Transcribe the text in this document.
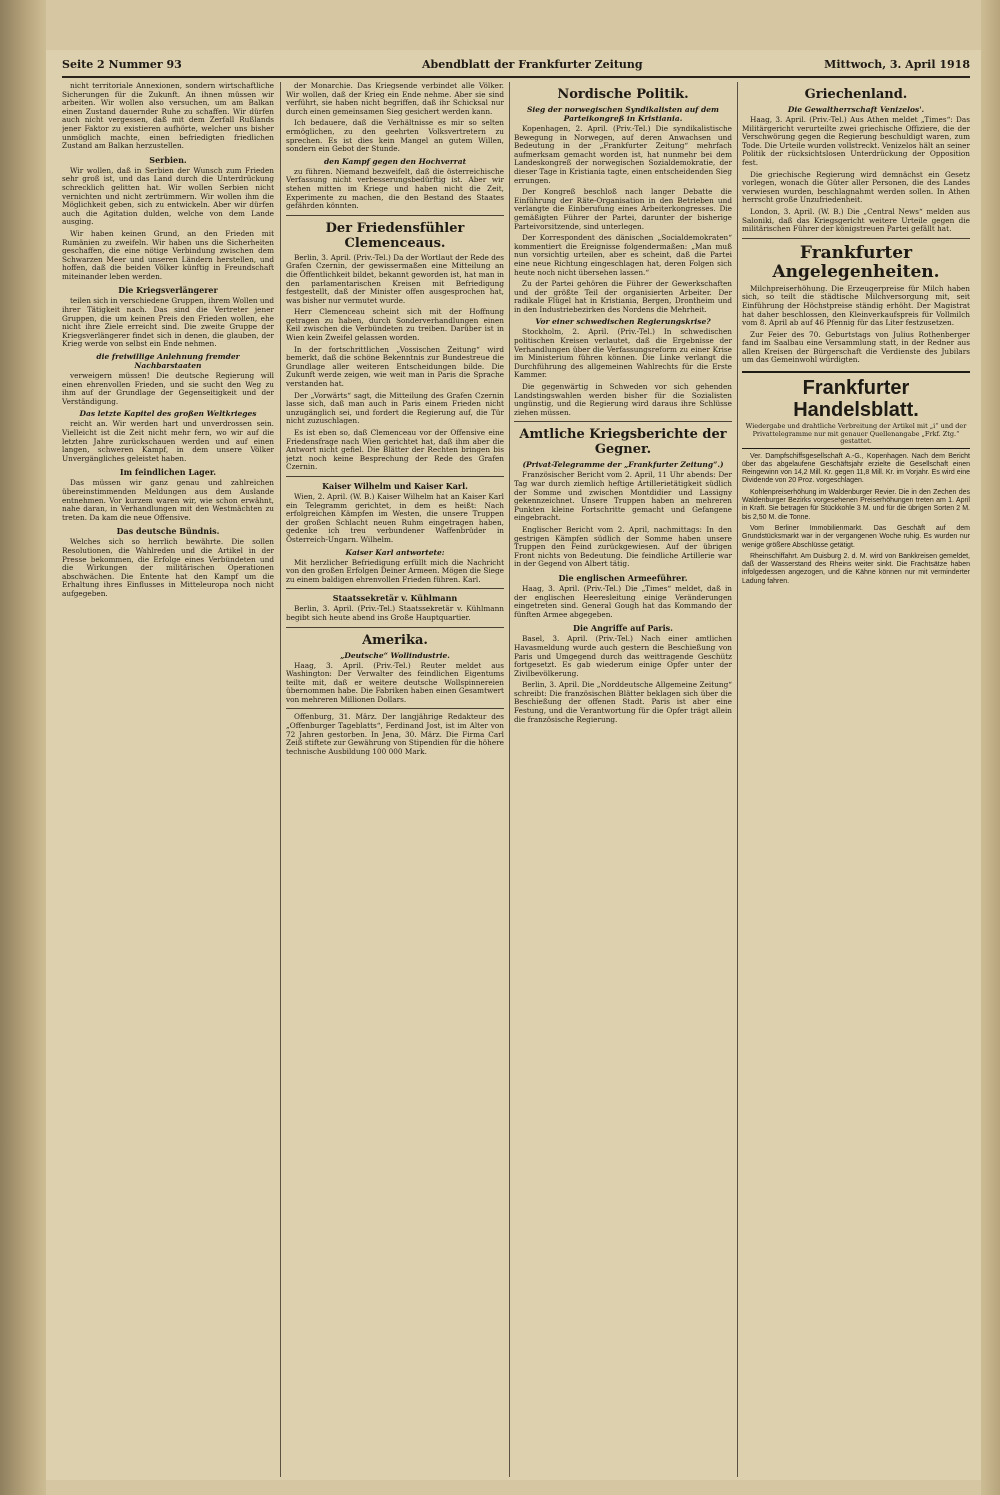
Seite 2 Nummer 93	Abendblatt der Frankfurter Zeitung	Mittwoch, 3. April 1918

nicht territoriale Annexionen, sondern wirtschaftliche Sicherungen für die Zukunft. An ihnen müssen wir arbeiten. Wir wollen also versuchen, um am Balkan einen Zustand dauernder Ruhe zu schaffen. Wir dürfen auch nicht vergessen, daß mit dem Zerfall Rußlands jener Faktor zu existieren aufhörte, welcher uns bisher unmöglich machte, einen befriedigten friedlichen Zustand am Balkan herzustellen.

Serbien.

Wir wollen, daß in Serbien der Wunsch zum Frieden sehr groß ist, und das Land durch die Unterdrückung schrecklich gelitten hat. Wir wollen Serbien nicht vernichten und nicht zertrümmern. Wir wollen ihm die Möglichkeit geben, sich zu entwickeln. Aber wir dürfen auch die Agitation dulden, welche von dem Lande ausging.

Wir haben keinen Grund, an den Frieden mit Rumänien zu zweifeln. Wir haben uns die Sicherheiten geschaffen, die eine nötige Verbindung zwischen dem Schwarzen Meer und unseren Ländern herstellen, und hoffen, daß die beiden Völker künftig in Freundschaft miteinander leben werden.

Die Kriegsverlängerer

teilen sich in verschiedene Gruppen, ihrem Wollen und ihrer Tätigkeit nach. Das sind die Vertreter jener Gruppen, die um keinen Preis den Frieden wollen, ehe nicht ihre Ziele erreicht sind. Die zweite Gruppe der Kriegsverlängerer findet sich in denen, die glauben, der Krieg werde von selbst ein Ende nehmen.

die freiwillige Anlehnung fremder Nachbarstaaten

verweigern müssen! Die deutsche Regierung will einen ehrenvollen Frieden, und sie sucht den Weg zu ihm auf der Grundlage der Gegenseitigkeit und der Verständigung.

Das letzte Kapitel des großen Weltkrieges

reicht an. Wir werden hart und unverdrossen sein. Vielleicht ist die Zeit nicht mehr fern, wo wir auf die letzten Jahre zurückschauen werden und auf einen langen, schweren Kampf, in dem unsere Völker Unvergängliches geleistet haben.

Im feindlichen Lager.

Das müssen wir ganz genau und zahlreichen übereinstimmenden Meldungen aus dem Auslande entnehmen. Vor kurzem waren wir, wie schon erwähnt, nahe daran, in Verhandlungen mit den Westmächten zu treten. Da kam die neue Offensive.

Das deutsche Bündnis.

Welches sich so herrlich bewährte. Die sollen Resolutionen, die Wahlreden und die Artikel in der Presse bekommen, die Erfolge eines Verbündeten und die Wirkungen der militärischen Operationen abschwächen. Die Entente hat den Kampf um die Erhaltung ihres Einflusses in Mitteleuropa noch nicht aufgegeben.

der Monarchie. Das Kriegsende verbindet alle Völker. Wir wollen, daß der Krieg ein Ende nehme. Aber sie sind verführt, sie haben nicht begriffen, daß ihr Schicksal nur durch einen gemeinsamen Sieg gesichert werden kann.

Ich bedauere, daß die Verhältnisse es mir so selten ermöglichen, zu den geehrten Volksvertretern zu sprechen. Es ist dies kein Mangel an gutem Willen, sondern ein Gebot der Stunde.

den Kampf gegen den Hochverrat

zu führen. Niemand bezweifelt, daß die österreichische Verfassung nicht verbesserungsbedürftig ist. Aber wir stehen mitten im Kriege und haben nicht die Zeit, Experimente zu machen, die den Bestand des Staates gefährden könnten.

Der Friedensfühler Clemenceaus.

Berlin, 3. April. (Priv.-Tel.) Da der Wortlaut der Rede des Grafen Czernin, der gewissermaßen eine Mitteilung an die Öffentlichkeit bildet, bekannt geworden ist, hat man in den parlamentarischen Kreisen mit Befriedigung festgestellt, daß der Minister offen ausgesprochen hat, was bisher nur vermutet wurde.

Herr Clemenceau scheint sich mit der Hoffnung getragen zu haben, durch Sonderverhandlungen einen Keil zwischen die Verbündeten zu treiben. Darüber ist in Wien kein Zweifel gelassen worden.

In der fortschrittlichen „Vossischen Zeitung“ wird bemerkt, daß die schöne Bekenntnis zur Bundestreue die Grundlage aller weiteren Entscheidungen bilde. Die Zukunft werde zeigen, wie weit man in Paris die Sprache verstanden hat.

Der „Vorwärts“ sagt, die Mitteilung des Grafen Czernin lasse sich, daß man auch in Paris einem Frieden nicht unzugänglich sei, und fordert die Regierung auf, die Tür nicht zuzuschlagen.

Es ist eben so, daß Clemenceau vor der Offensive eine Friedensfrage nach Wien gerichtet hat, daß ihm aber die Antwort nicht gefiel. Die Blätter der Rechten bringen bis jetzt noch keine Besprechung der Rede des Grafen Czernin.

Kaiser Wilhelm und Kaiser Karl.

Wien, 2. April. (W. B.) Kaiser Wilhelm hat an Kaiser Karl ein Telegramm gerichtet, in dem es heißt: Nach erfolgreichen Kämpfen im Westen, die unsere Truppen der großen Schlacht neuen Ruhm eingetragen haben, gedenke ich treu verbundener Waffenbrüder in Österreich-Ungarn. Wilhelm.

Kaiser Karl antwortete:

Mit herzlicher Befriedigung erfüllt mich die Nachricht von den großen Erfolgen Deiner Armeen. Mögen die Siege zu einem baldigen ehrenvollen Frieden führen. Karl.

Staatssekretär v. Kühlmann

Berlin, 3. April. (Priv.-Tel.) Staatssekretär v. Kühlmann begibt sich heute abend ins Große Hauptquartier.

Amerika.
„Deutsche“ Wollindustrie.

Haag, 3. April. (Priv.-Tel.) Reuter meldet aus Washington: Der Verwalter des feindlichen Eigentums teilte mit, daß er weitere deutsche Wollspinnereien übernommen habe. Die Fabriken haben einen Gesamtwert von mehreren Millionen Dollars.

Offenburg, 31. März. Der langjährige Redakteur des „Offenburger Tageblatts“, Ferdinand Jost, ist im Alter von 72 Jahren gestorben. In Jena, 30. März. Die Firma Carl Zeiß stiftete zur Gewährung von Stipendien für die höhere technische Ausbildung 100 000 Mark.

Nordische Politik.
Sieg der norwegischen Syndikalisten auf dem Parteikongreß in Kristiania.

Kopenhagen, 2. April. (Priv.-Tel.) Die syndikalistische Bewegung in Norwegen, auf deren Anwachsen und Bedeutung in der „Frankfurter Zeitung“ mehrfach aufmerksam gemacht worden ist, hat nunmehr bei dem Landeskongreß der norwegischen Sozialdemokratie, der dieser Tage in Kristiania tagte, einen entscheidenden Sieg errungen.

Der Kongreß beschloß nach langer Debatte die Einführung der Räte-Organisation in den Betrieben und verlangte die Einberufung eines Arbeiterkongresses. Die gemäßigten Führer der Partei, darunter der bisherige Parteivorsitzende, sind unterlegen.

Der Korrespondent des dänischen „Socialdemokraten“ kommentiert die Ereignisse folgendermaßen: „Man muß nun vorsichtig urteilen, aber es scheint, daß die Partei eine neue Richtung eingeschlagen hat, deren Folgen sich heute noch nicht übersehen lassen.“

Zu der Partei gehören die Führer der Gewerkschaften und der größte Teil der organisierten Arbeiter. Der radikale Flügel hat in Kristiania, Bergen, Drontheim und in den Industriebezirken des Nordens die Mehrheit.

Vor einer schwedischen Regierungskrise?

Stockholm, 2. April. (Priv.-Tel.) In schwedischen politischen Kreisen verlautet, daß die Ergebnisse der Verhandlungen über die Verfassungsreform zu einer Krise im Ministerium führen können. Die Linke verlangt die Durchführung des allgemeinen Wahlrechts für die Erste Kammer.

Die gegenwärtig in Schweden vor sich gehenden Landstingswahlen werden bisher für die Sozialisten ungünstig, und die Regierung wird daraus ihre Schlüsse ziehen müssen.

Amtliche Kriegsberichte der Gegner.
(Privat-Telegramme der „Frankfurter Zeitung“.)

Französischer Bericht vom 2. April, 11 Uhr abends: Der Tag war durch ziemlich heftige Artillerietätigkeit südlich der Somme und zwischen Montdidier und Lassigny gekennzeichnet. Unsere Truppen haben an mehreren Punkten kleine Fortschritte gemacht und Gefangene eingebracht.

Englischer Bericht vom 2. April, nachmittags: In den gestrigen Kämpfen südlich der Somme haben unsere Truppen den Feind zurückgewiesen. Auf der übrigen Front nichts von Bedeutung. Die feindliche Artillerie war in der Gegend von Albert tätig.

Die englischen Armeeführer.

Haag, 3. April. (Priv.-Tel.) Die „Times“ meldet, daß in der englischen Heeresleitung einige Veränderungen eingetreten sind. General Gough hat das Kommando der fünften Armee abgegeben.

Die Angriffe auf Paris.

Basel, 3. April. (Priv.-Tel.) Nach einer amtlichen Havasmeldung wurde auch gestern die Beschießung von Paris und Umgegend durch das weittragende Geschütz fortgesetzt. Es gab wiederum einige Opfer unter der Zivilbevölkerung.

Berlin, 3. April. Die „Norddeutsche Allgemeine Zeitung“ schreibt: Die französischen Blätter beklagen sich über die Beschießung der offenen Stadt. Paris ist aber eine Festung, und die Verantwortung für die Opfer trägt allein die französische Regierung.

Griechenland.
Die Gewaltherrschaft Venizelos'.

Haag, 3. April. (Priv.-Tel.) Aus Athen meldet „Times“: Das Militärgericht verurteilte zwei griechische Offiziere, die der Verschwörung gegen die Regierung beschuldigt waren, zum Tode. Die Urteile wurden vollstreckt. Venizelos hält an seiner Politik der rücksichtslosen Unterdrückung der Opposition fest.

Die griechische Regierung wird demnächst ein Gesetz vorlegen, wonach die Güter aller Personen, die des Landes verwiesen wurden, beschlagnahmt werden sollen. In Athen herrscht große Unzufriedenheit.

London, 3. April. (W. B.) Die „Central News“ melden aus Saloniki, daß das Kriegsgericht weitere Urteile gegen die militärischen Führer der königstreuen Partei gefällt hat.

Frankfurter Angelegenheiten.

Milchpreiserhöhung. Die Erzeugerpreise für Milch haben sich, so teilt die städtische Milchversorgung mit, seit Einführung der Höchstpreise ständig erhöht. Der Magistrat hat daher beschlossen, den Kleinverkaufspreis für Vollmilch vom 8. April ab auf 46 Pfennig für das Liter festzusetzen.

Zur Feier des 70. Geburtstags von Julius Rothenberger fand im Saalbau eine Versammlung statt, in der Redner aus allen Kreisen der Bürgerschaft die Verdienste des Jubilars um das Gemeinwohl würdigten.

Frankfurter Handelsblatt.
Wiedergabe und drahtliche Verbreitung der Artikel mit „i“ und der Privattelegramme nur mit genauer Quellenangabe „Frkf. Ztg.“ gestattet.

Ver. Dampfschiffsgesellschaft A.-G., Kopenhagen. Nach dem Bericht über das abgelaufene Geschäftsjahr erzielte die Gesellschaft einen Reingewinn von 14,2 Mill. Kr. gegen 11,8 Mill. Kr. im Vorjahr. Es wird eine Dividende von 20 Proz. vorgeschlagen.

Kohlenpreiserhöhung im Waldenburger Revier. Die in den Zechen des Waldenburger Bezirks vorgesehenen Preiserhöhungen treten am 1. April in Kraft. Sie betragen für Stückkohle 3 M. und für die übrigen Sorten 2 M. bis 2,50 M. die Tonne.

Vom Berliner Immobilienmarkt. Das Geschäft auf dem Grundstücksmarkt war in der vergangenen Woche ruhig. Es wurden nur wenige größere Abschlüsse getätigt.

Rheinschiffahrt. Am Duisburg 2. d. M. wird von Bankkreisen gemeldet, daß der Wasserstand des Rheins weiter sinkt. Die Frachtsätze haben infolgedessen angezogen, und die Kähne können nur mit verminderter Ladung fahren.
